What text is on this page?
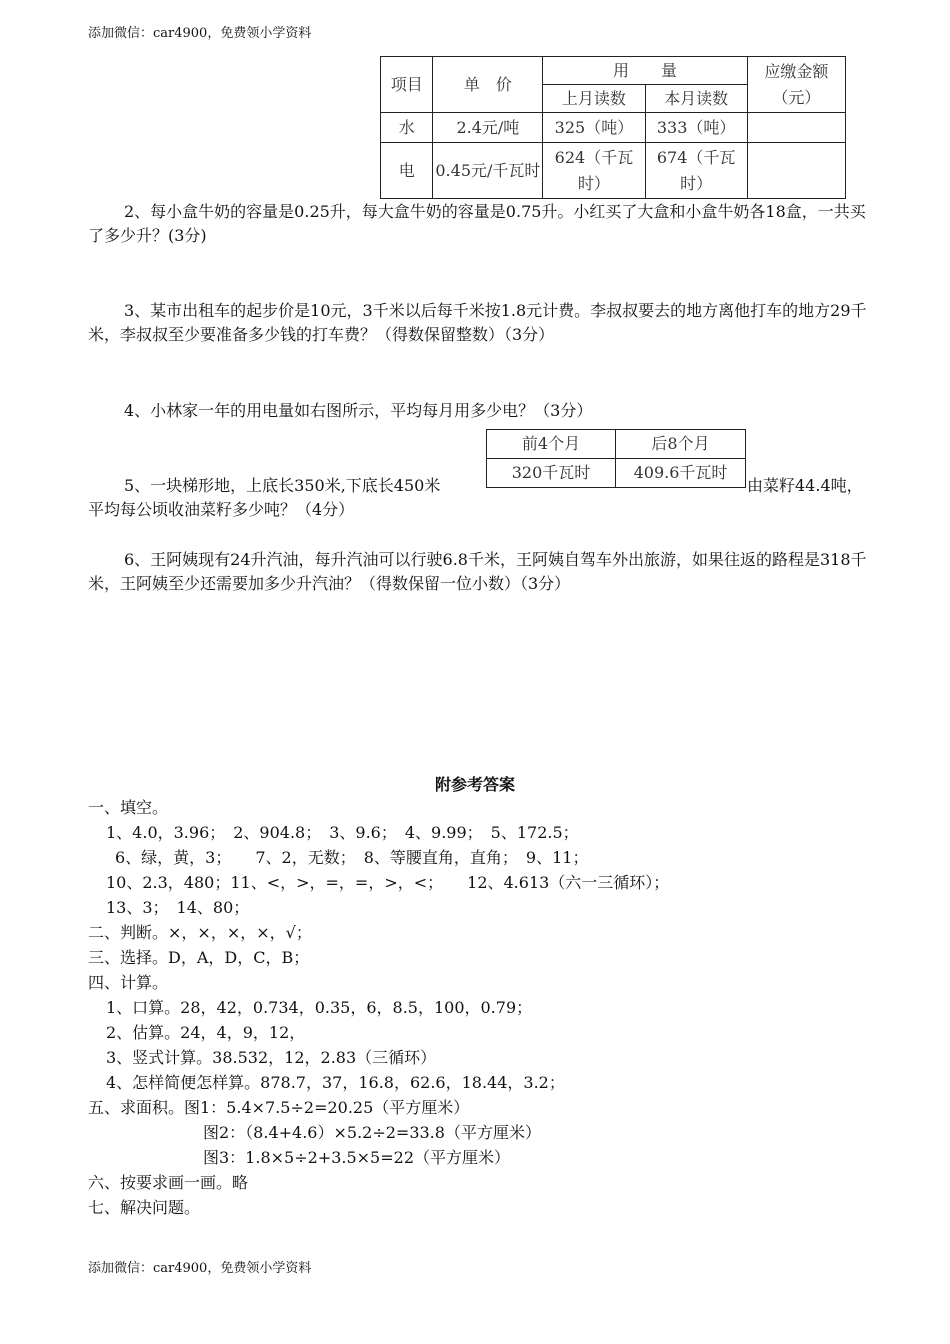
添加微信：car4900，免费领小学资料
项目	单　价	用　　量		应缴金额
（元）

		上月读数	本月读数	
水	2.4元/吨	325（吨）	333（吨）	
电	0.45元/千瓦时	624（千瓦时）	674（千瓦时）	
2、每小盒牛奶的容量是0.25升，每大盒牛奶的容量是0.75升。小红买了大盒和小盒牛奶各18盒，一共买了多少升？(3分)
3、某市出租车的起步价是10元，3千米以后每千米按1.8元计费。李叔叔要去的地方离他打车的地方29千米，李叔叔至少要准备多少钱的打车费？（得数保留整数）（3分）
4、小林家一年的用电量如右图所示，平均每月用多少电？（3分）
前4个月	后8个月
320千瓦时	409.6千瓦时
5、一块梯形地，上底长350米,下底长450米	由菜籽44.4吨，
平均每公顷收油菜籽多少吨？（4分）
6、王阿姨现有24升汽油，每升汽油可以行驶6.8千米，王阿姨自驾车外出旅游，如果往返的路程是318千米，王阿姨至少还需要加多少升汽油？（得数保留一位小数）（3分）
附参考答案
一、填空。
1、4.0，3.96；　2、904.8；　3、9.6；　4、9.99；　5、172.5；
6、绿，黄，3；　　7、2，无数；　8、等腰直角，直角；　9、11；
10、2.3，480；11、<，>，=，=，>，<；　　12、4.613（六一三循环）；
13、3；　14、80；
二、判断。×，×，×，×，√；
三、选择。D，A，D，C，B；
四、计算。
1、口算。28，42，0.734，0.35，6，8.5，100，0.79；
2、估算。24，4，9，12，
3、竖式计算。38.532，12，2.83（三循环）
4、怎样简便怎样算。878.7，37，16.8，62.6，18.44，3.2；
五、求面积。图1：5.4×7.5÷2=20.25（平方厘米）
图2：（8.4+4.6）×5.2÷2=33.8（平方厘米）
图3：1.8×5÷2+3.5×5=22（平方厘米）
六、按要求画一画。略
七、解决问题。
添加微信：car4900，免费领小学资料
